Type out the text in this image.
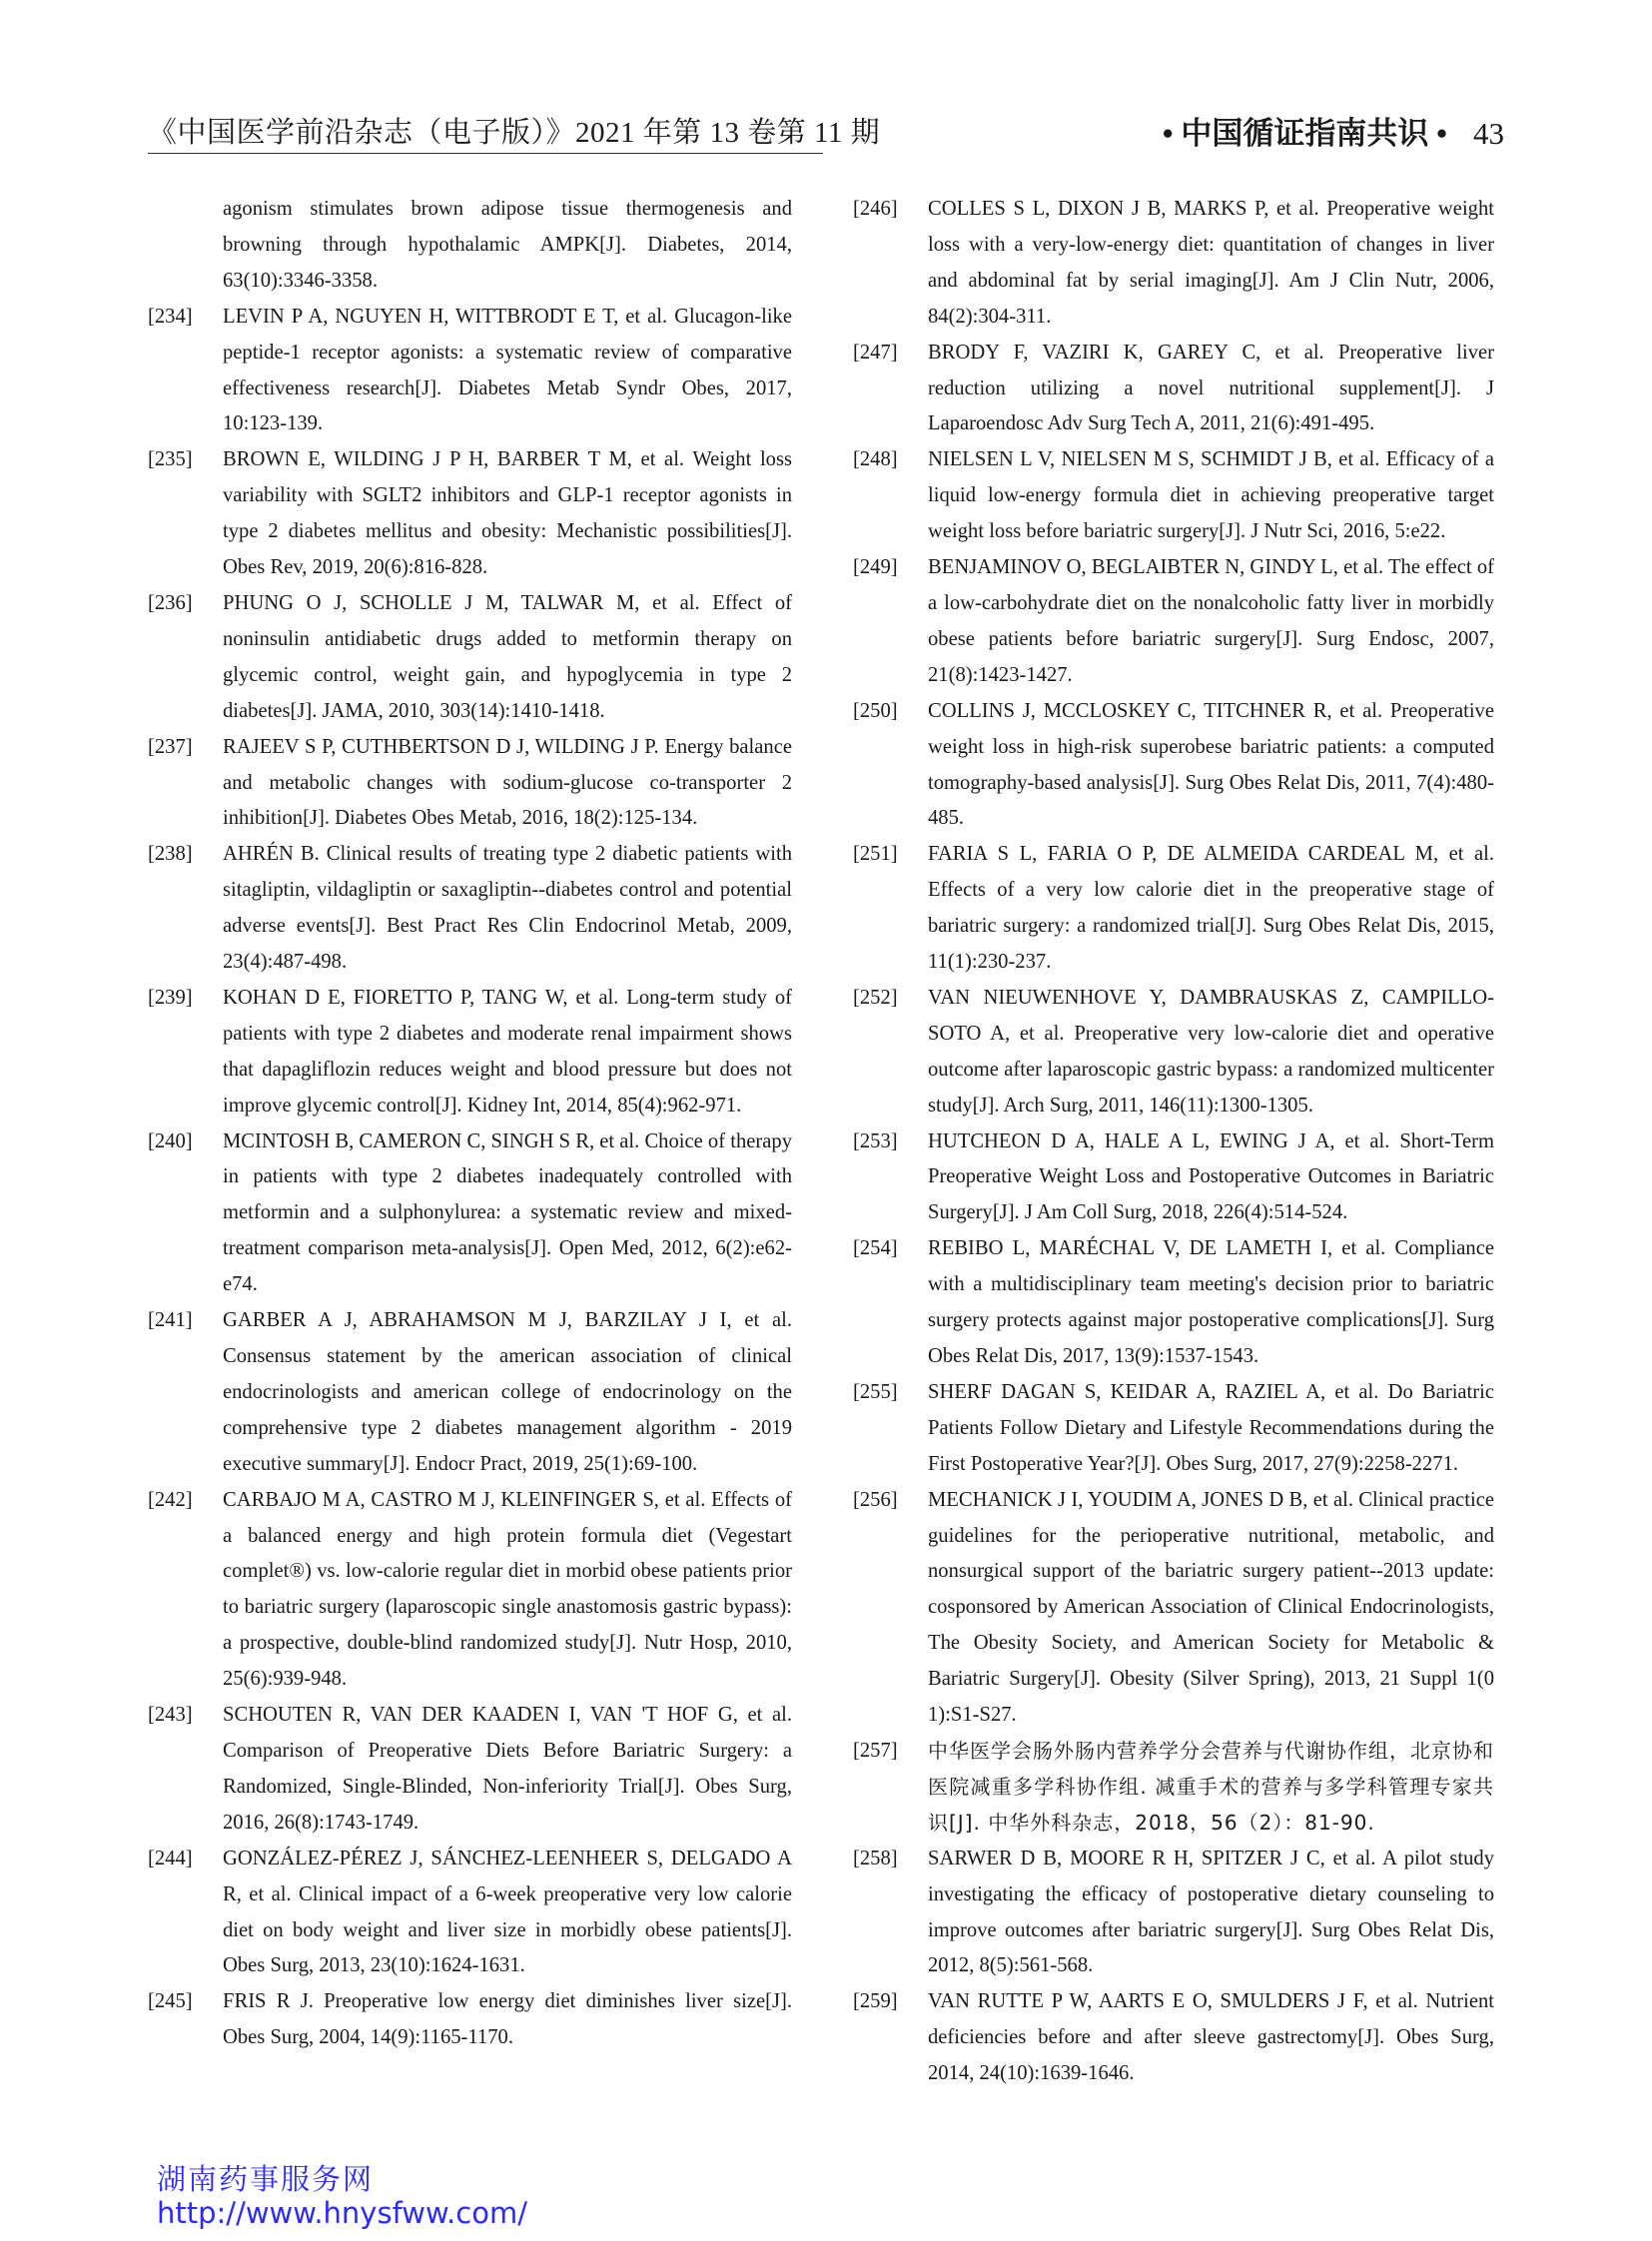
《中国医学前沿杂志（电子版）》2021 年第 13 卷第 11 期	• 中国循证指南共识 • 43
agonism stimulates brown adipose tissue thermogenesis and browning through hypothalamic AMPK[J]. Diabetes, 2014, 63(10):3346-3358.
[234]	LEVIN P A, NGUYEN H, WITTBRODT E T, et al. Glucagon-like peptide-1 receptor agonists: a systematic review of comparative effectiveness research[J]. Diabetes Metab Syndr Obes, 2017, 10:123-139.
[235]	BROWN E, WILDING J P H, BARBER T M, et al. Weight loss variability with SGLT2 inhibitors and GLP-1 receptor agonists in type 2 diabetes mellitus and obesity: Mechanistic possibilities[J]. Obes Rev, 2019, 20(6):816-828.
[236]	PHUNG O J, SCHOLLE J M, TALWAR M, et al. Effect of noninsulin antidiabetic drugs added to metformin therapy on glycemic control, weight gain, and hypoglycemia in type 2 diabetes[J]. JAMA, 2010, 303(14):1410-1418.
[237]	RAJEEV S P, CUTHBERTSON D J, WILDING J P. Energy balance and metabolic changes with sodium-glucose co-transporter 2 inhibition[J]. Diabetes Obes Metab, 2016, 18(2):125-134.
[238]	AHRÉN B. Clinical results of treating type 2 diabetic patients with sitagliptin, vildagliptin or saxagliptin--diabetes control and potential adverse events[J]. Best Pract Res Clin Endocrinol Metab, 2009, 23(4):487-498.
[239]	KOHAN D E, FIORETTO P, TANG W, et al. Long-term study of patients with type 2 diabetes and moderate renal impairment shows that dapagliflozin reduces weight and blood pressure but does not improve glycemic control[J]. Kidney Int, 2014, 85(4):962-971.
[240]	MCINTOSH B, CAMERON C, SINGH S R, et al. Choice of therapy in patients with type 2 diabetes inadequately controlled with metformin and a sulphonylurea: a systematic review and mixed-treatment comparison meta-analysis[J]. Open Med, 2012, 6(2):e62-e74.
[241]	GARBER A J, ABRAHAMSON M J, BARZILAY J I, et al. Consensus statement by the american association of clinical endocrinologists and american college of endocrinology on the comprehensive type 2 diabetes management algorithm - 2019 executive summary[J]. Endocr Pract, 2019, 25(1):69-100.
[242]	CARBAJO M A, CASTRO M J, KLEINFINGER S, et al. Effects of a balanced energy and high protein formula diet (Vegestart complet®) vs. low-calorie regular diet in morbid obese patients prior to bariatric surgery (laparoscopic single anastomosis gastric bypass): a prospective, double-blind randomized study[J]. Nutr Hosp, 2010, 25(6):939-948.
[243]	SCHOUTEN R, VAN DER KAADEN I, VAN 'T HOF G, et al. Comparison of Preoperative Diets Before Bariatric Surgery: a Randomized, Single-Blinded, Non-inferiority Trial[J]. Obes Surg, 2016, 26(8):1743-1749.
[244]	GONZÁLEZ-PÉREZ J, SÁNCHEZ-LEENHEER S, DELGADO A R, et al. Clinical impact of a 6-week preoperative very low calorie diet on body weight and liver size in morbidly obese patients[J]. Obes Surg, 2013, 23(10):1624-1631.
[245]	FRIS R J. Preoperative low energy diet diminishes liver size[J]. Obes Surg, 2004, 14(9):1165-1170.
[246]	COLLES S L, DIXON J B, MARKS P, et al. Preoperative weight loss with a very-low-energy diet: quantitation of changes in liver and abdominal fat by serial imaging[J]. Am J Clin Nutr, 2006, 84(2):304-311.
[247]	BRODY F, VAZIRI K, GAREY C, et al. Preoperative liver reduction utilizing a novel nutritional supplement[J]. J Laparoendosc Adv Surg Tech A, 2011, 21(6):491-495.
[248]	NIELSEN L V, NIELSEN M S, SCHMIDT J B, et al. Efficacy of a liquid low-energy formula diet in achieving preoperative target weight loss before bariatric surgery[J]. J Nutr Sci, 2016, 5:e22.
[249]	BENJAMINOV O, BEGLAIBTER N, GINDY L, et al. The effect of a low-carbohydrate diet on the nonalcoholic fatty liver in morbidly obese patients before bariatric surgery[J]. Surg Endosc, 2007, 21(8):1423-1427.
[250]	COLLINS J, MCCLOSKEY C, TITCHNER R, et al. Preoperative weight loss in high-risk superobese bariatric patients: a computed tomography-based analysis[J]. Surg Obes Relat Dis, 2011, 7(4):480-485.
[251]	FARIA S L, FARIA O P, DE ALMEIDA CARDEAL M, et al. Effects of a very low calorie diet in the preoperative stage of bariatric surgery: a randomized trial[J]. Surg Obes Relat Dis, 2015, 11(1):230-237.
[252]	VAN NIEUWENHOVE Y, DAMBRAUSKAS Z, CAMPILLO-SOTO A, et al. Preoperative very low-calorie diet and operative outcome after laparoscopic gastric bypass: a randomized multicenter study[J]. Arch Surg, 2011, 146(11):1300-1305.
[253]	HUTCHEON D A, HALE A L, EWING J A, et al. Short-Term Preoperative Weight Loss and Postoperative Outcomes in Bariatric Surgery[J]. J Am Coll Surg, 2018, 226(4):514-524.
[254]	REBIBO L, MARÉCHAL V, DE LAMETH I, et al. Compliance with a multidisciplinary team meeting's decision prior to bariatric surgery protects against major postoperative complications[J]. Surg Obes Relat Dis, 2017, 13(9):1537-1543.
[255]	SHERF DAGAN S, KEIDAR A, RAZIEL A, et al. Do Bariatric Patients Follow Dietary and Lifestyle Recommendations during the First Postoperative Year?[J]. Obes Surg, 2017, 27(9):2258-2271.
[256]	MECHANICK J I, YOUDIM A, JONES D B, et al. Clinical practice guidelines for the perioperative nutritional, metabolic, and nonsurgical support of the bariatric surgery patient--2013 update: cosponsored by American Association of Clinical Endocrinologists, The Obesity Society, and American Society for Metabolic & Bariatric Surgery[J]. Obesity (Silver Spring), 2013, 21 Suppl 1(0 1):S1-S27.
[257]	中华医学会肠外肠内营养学分会营养与代谢协作组，北京协和医院减重多学科协作组. 减重手术的营养与多学科管理专家共识[J]. 中华外科杂志，2018，56（2）：81-90.
[258]	SARWER D B, MOORE R H, SPITZER J C, et al. A pilot study investigating the efficacy of postoperative dietary counseling to improve outcomes after bariatric surgery[J]. Surg Obes Relat Dis, 2012, 8(5):561-568.
[259]	VAN RUTTE P W, AARTS E O, SMULDERS J F, et al. Nutrient deficiencies before and after sleeve gastrectomy[J]. Obes Surg, 2014, 24(10):1639-1646.
湖南药事服务网
http://www.hnysfww.com/
